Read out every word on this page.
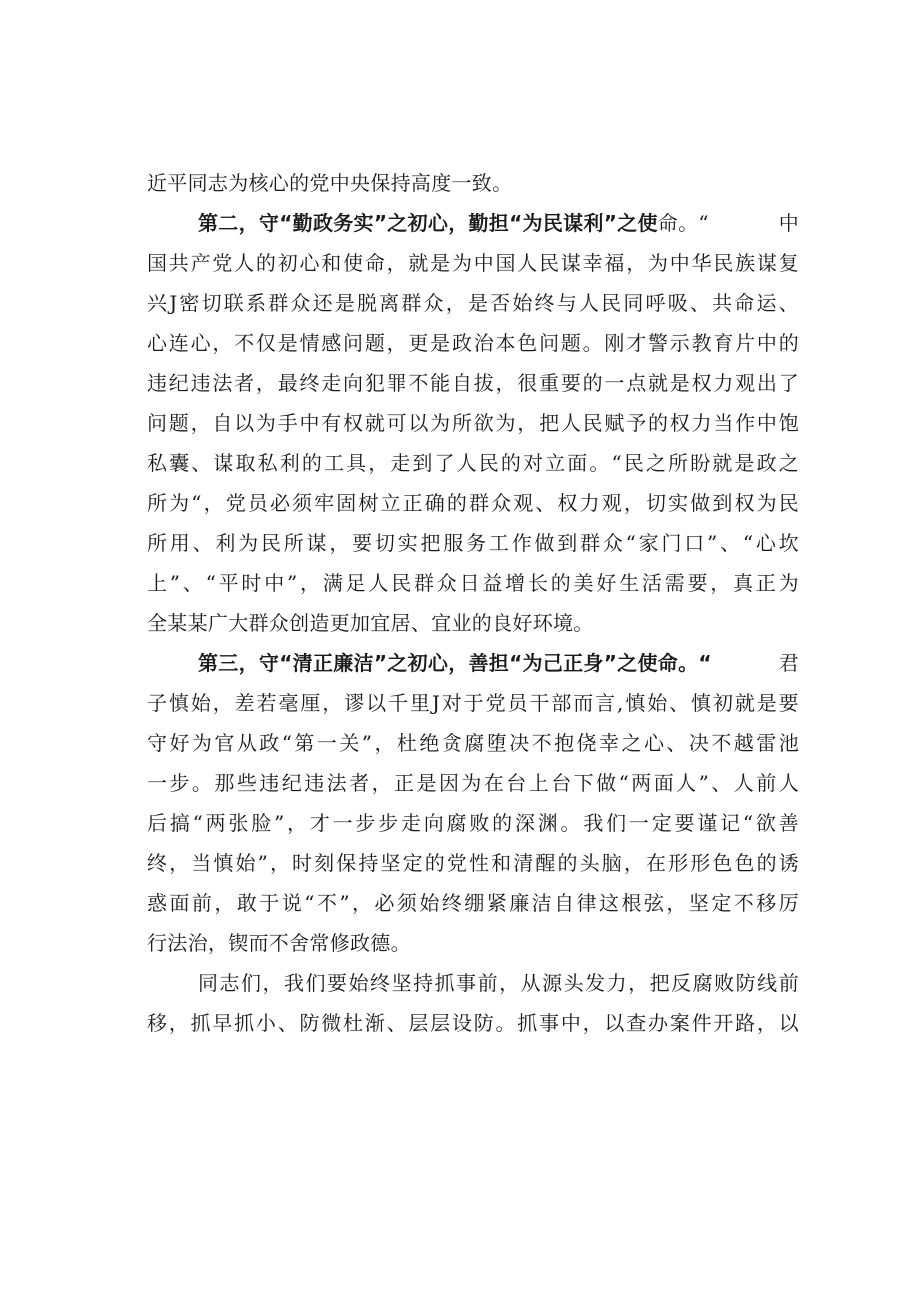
近平同志为核心的党中央保持高度一致。
第二，守“勤政务实”之初心，勤担“为民谋利”之使命。“	中
国共产党人的初心和使命，就是为中国人民谋幸福，为中华民族谋复
兴J密切联系群众还是脱离群众，是否始终与人民同呼吸、共命运、
心连心，不仅是情感问题，更是政治本色问题。刚才警示教育片中的
违纪违法者，最终走向犯罪不能自拔，很重要的一点就是权力观出了
问题，自以为手中有权就可以为所欲为，把人民赋予的权力当作中饱
私囊、谋取私利的工具，走到了人民的对立面。“民之所盼就是政之
所为“，党员必须牢固树立正确的群众观、权力观，切实做到权为民
所用、利为民所谋，要切实把服务工作做到群众“家门口”、“心坎
上”、“平时中”，满足人民群众日益增长的美好生活需要，真正为
全某某广大群众创造更加宜居、宜业的良好环境。
第三，守“清正廉洁”之初心，善担“为己正身”之使命。“	君
子慎始，差若毫厘，谬以千里J对于党员干部而言,慎始、慎初就是要
守好为官从政“第一关”，杜绝贪腐堕决不抱侥幸之心、决不越雷池
一步。那些违纪违法者，正是因为在台上台下做“两面人”、人前人
后搞“两张脸”，才一步步走向腐败的深渊。我们一定要谨记“欲善
终，当慎始”，时刻保持坚定的党性和清醒的头脑，在形形色色的诱
惑面前，敢于说“不”，必须始终绷紧廉洁自律这根弦，坚定不移厉
行法治，锲而不舍常修政德。
同志们，我们要始终坚持抓事前，从源头发力，把反腐败防线前
移，抓早抓小、防微杜渐、层层设防。抓事中，以查办案件开路，以
